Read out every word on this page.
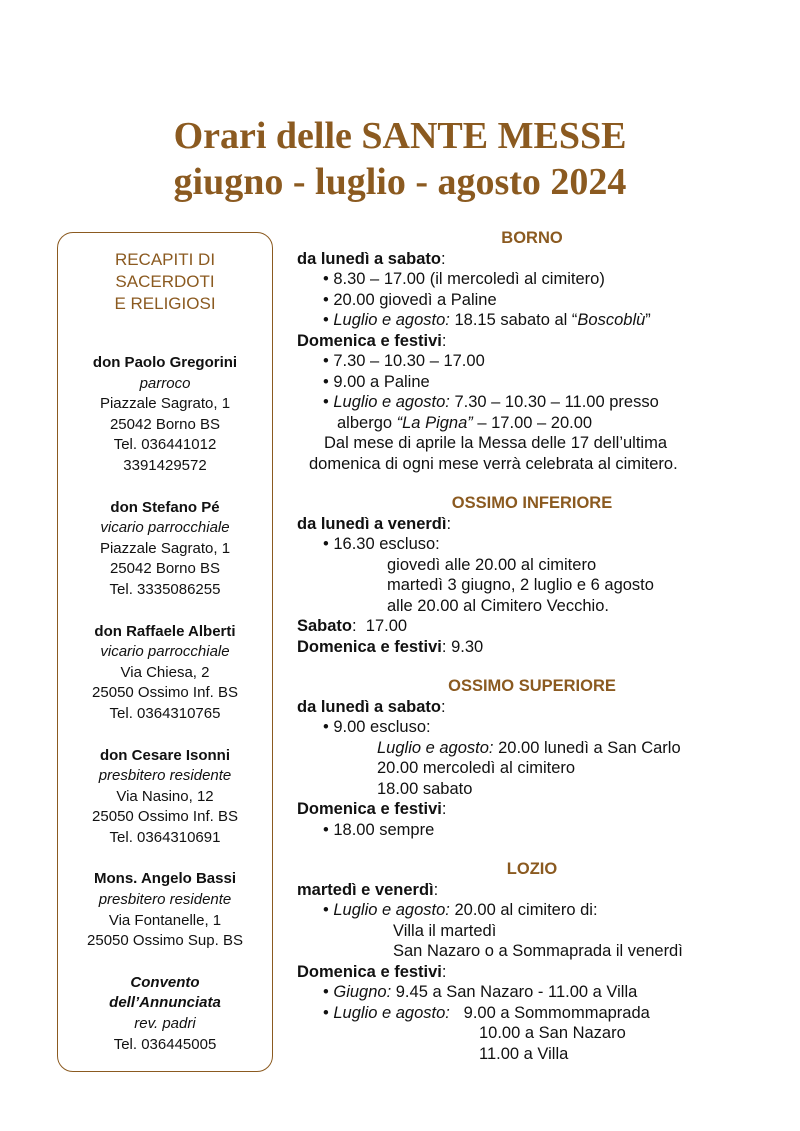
Orari delle SANTE MESSE
giugno - luglio - agosto 2024
RECAPITI DI
SACERDOTI
E RELIGIOSI
don Paolo Gregorini
parroco
Piazzale Sagrato, 1
25042 Borno BS
Tel. 036441012
3391429572
don Stefano Pé
vicario parrocchiale
Piazzale Sagrato, 1
25042 Borno BS
Tel. 3335086255
don Raffaele Alberti
vicario parrocchiale
Via Chiesa, 2
25050 Ossimo Inf. BS
Tel. 0364310765
don Cesare Isonni
presbitero residente
Via Nasino, 12
25050 Ossimo Inf. BS
Tel. 0364310691
Mons. Angelo Bassi
presbitero residente
Via Fontanelle, 1
25050 Ossimo Sup. BS
Convento
dell’Annunciata
rev. padri
Tel. 036445005
BORNO
da lunedì a sabato:
• 8.30 – 17.00 (il mercoledì al cimitero)
• 20.00 giovedì a Paline
• Luglio e agosto: 18.15 sabato al “Boscoblù”
Domenica e festivi:
• 7.30 – 10.30 – 17.00
• 9.00 a Paline
• Luglio e agosto: 7.30 – 10.30 – 11.00 presso
albergo “La Pigna” – 17.00 – 20.00
Dal mese di aprile la Messa delle 17 dell’ultima
domenica di ogni mese verrà celebrata al cimitero.
OSSIMO INFERIORE
da lunedì a venerdì:
• 16.30 escluso:
giovedì alle 20.00 al cimitero
martedì 3 giugno, 2 luglio e 6 agosto
alle 20.00 al Cimitero Vecchio.
Sabato:  17.00
Domenica e festivi: 9.30
OSSIMO SUPERIORE
da lunedì a sabato:
• 9.00 escluso:
Luglio e agosto: 20.00 lunedì a San Carlo
20.00 mercoledì al cimitero
18.00 sabato
Domenica e festivi:
• 18.00 sempre
LOZIO
martedì e venerdì:
• Luglio e agosto: 20.00 al cimitero di:
Villa il martedì
San Nazaro o a Sommaprada il venerdì
Domenica e festivi:
• Giugno: 9.45 a San Nazaro - 11.00 a Villa
• Luglio e agosto:   9.00 a Sommommaprada
10.00 a San Nazaro
11.00 a Villa
